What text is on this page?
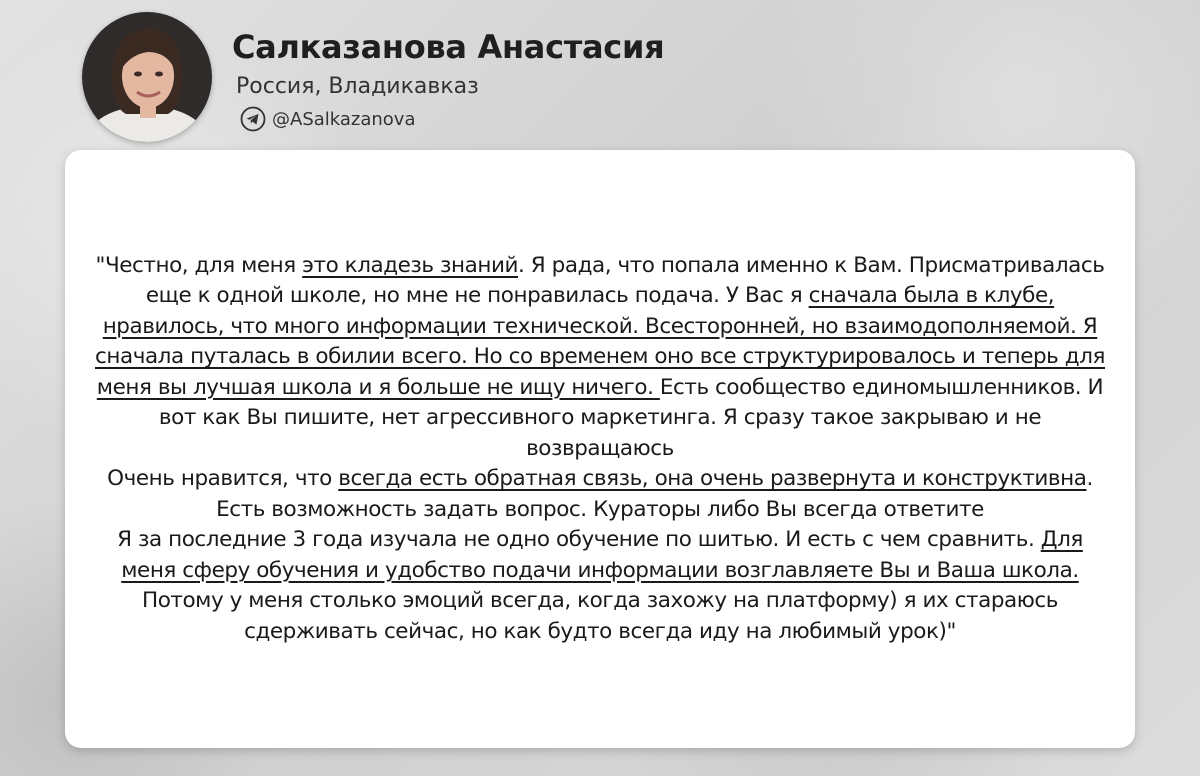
Салказанова Анастасия
Россия, Владикавказ
@ASalkazanova

"Честно, для меня это кладезь знаний. Я рада, что попала именно к Вам. Присматривалась еще к одной школе, но мне не понравилась подача. У Вас я сначала была в клубе, нравилось, что много информации технической. Всесторонней, но взаимодополняемой. Я сначала путалась в обилии всего. Но со временем оно все структурировалось и теперь для меня вы лучшая школа и я больше не ищу ничего. Есть сообщество единомышленников. И вот как Вы пишите, нет агрессивного маркетинга. Я сразу такое закрываю и не возвращаюсь

Очень нравится, что всегда есть обратная связь, она очень развернута и конструктивна. Есть возможность задать вопрос. Кураторы либо Вы всегда ответите

Я за последние 3 года изучала не одно обучение по шитью. И есть с чем сравнить. Для меня сферу обучения и удобство подачи информации возглавляете Вы и Ваша школа. Потому у меня столько эмоций всегда, когда захожу на платформу) я их стараюсь сдерживать сейчас, но как будто всегда иду на любимый урок)"
